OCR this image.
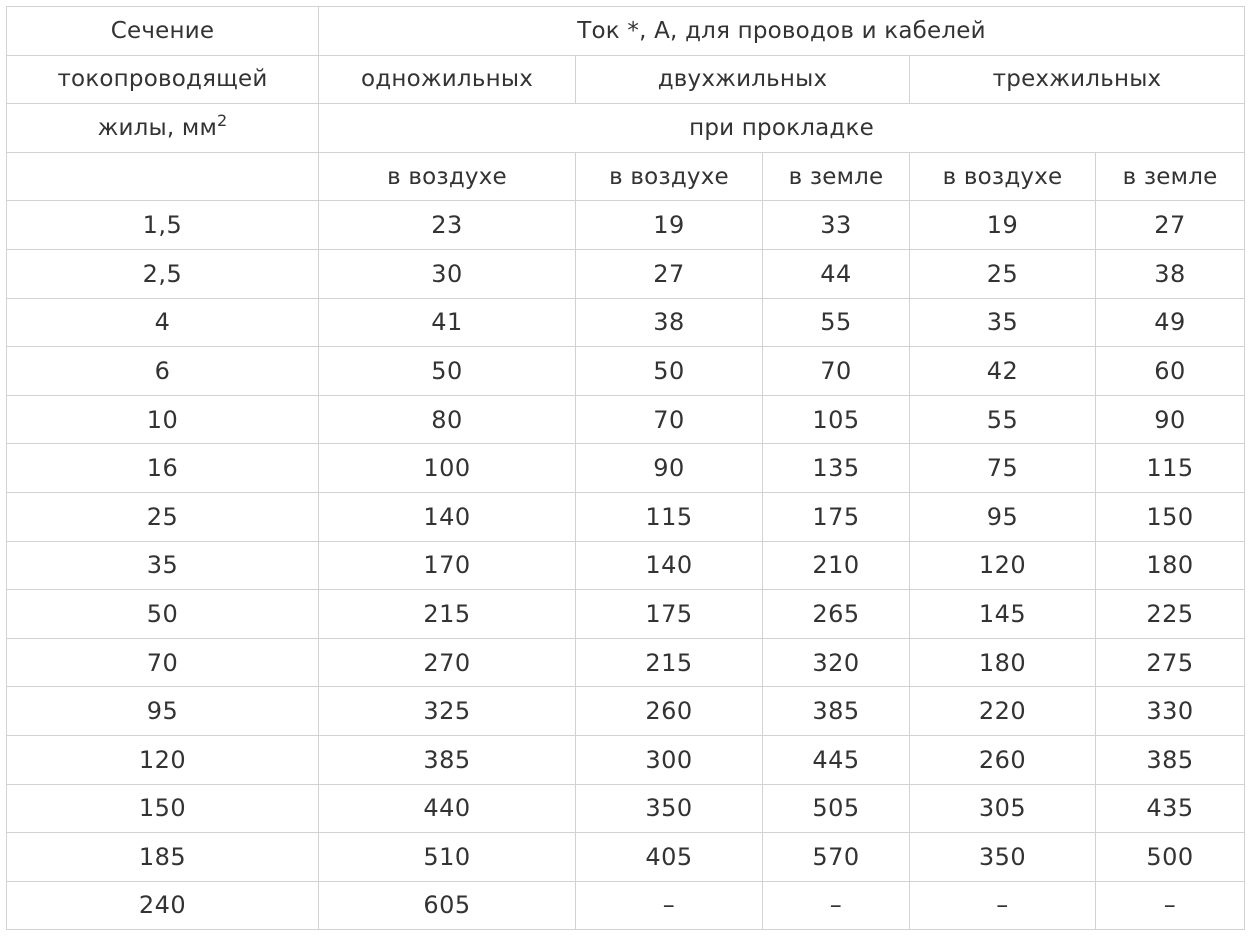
Сечение	Ток *, А, для проводов и кабелей				
токопроводящей	одножильных	двухжильных		трехжильных	
жилы, $мм^2$	при прокладке				
	в воздухе	в воздухе	в земле	в воздухе	в земле
1,5	23	19	33	19	27
2,5	30	27	44	25	38
4	41	38	55	35	49
6	50	50	70	42	60
10	80	70	105	55	90
16	100	90	135	75	115
25	140	115	175	95	150
35	170	140	210	120	180
50	215	175	265	145	225
70	270	215	320	180	275
95	325	260	385	220	330
120	385	300	445	260	385
150	440	350	505	305	435
185	510	405	570	350	500
240	605	–	–	–	–
